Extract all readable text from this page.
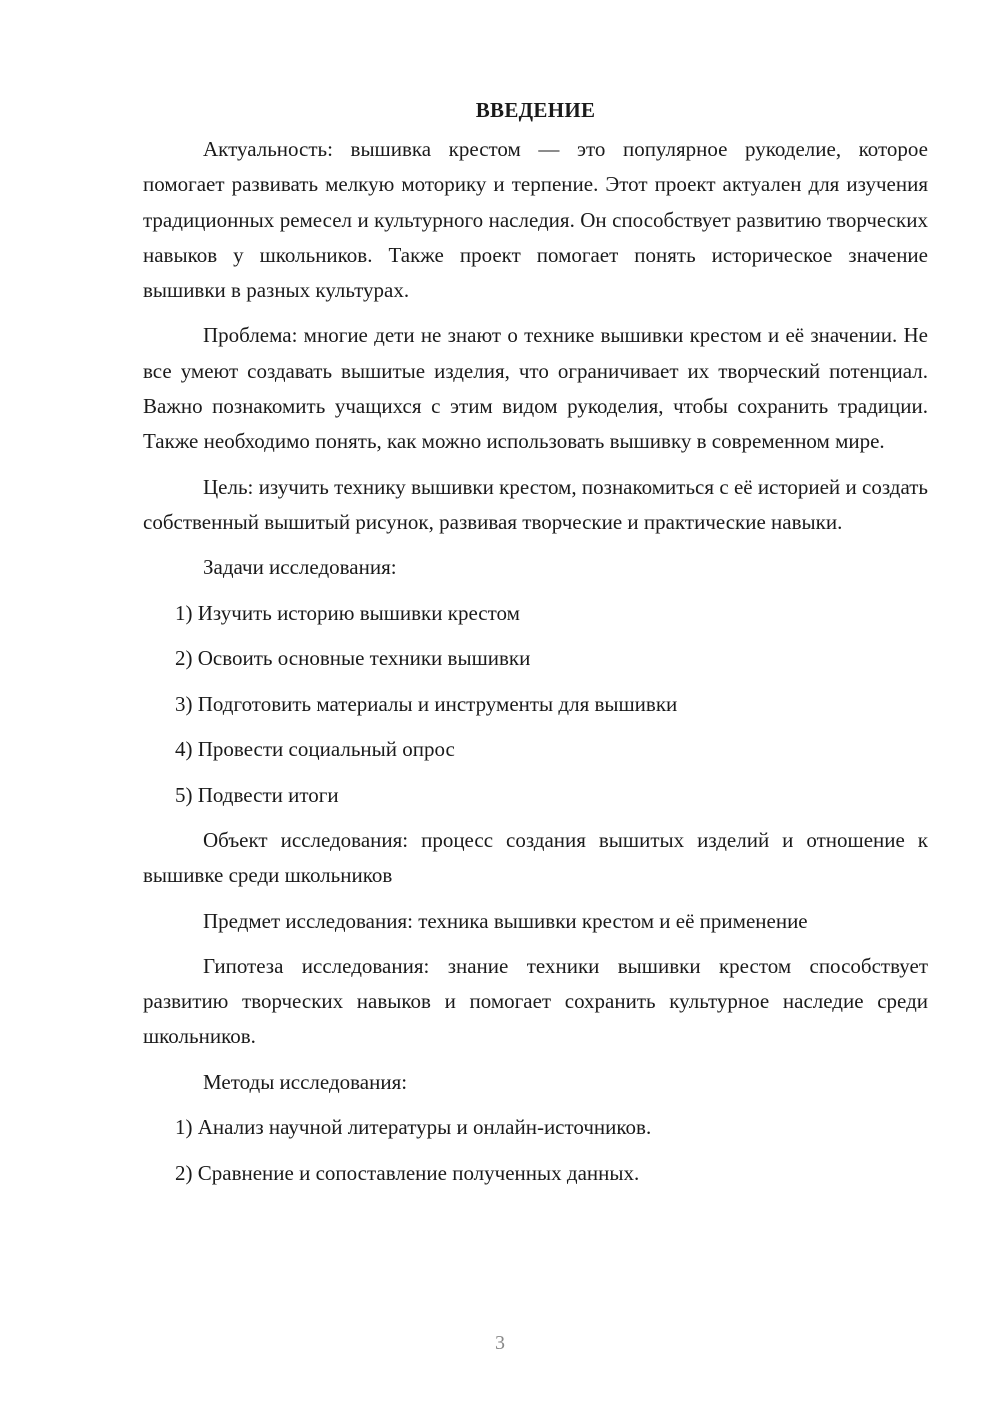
ВВЕДЕНИЕ

Актуальность: вышивка крестом — это популярное рукоделие, которое помогает развивать мелкую моторику и терпение. Этот проект актуален для изучения традиционных ремесел и культурного наследия. Он способствует развитию творческих навыков у школьников. Также проект помогает понять историческое значение вышивки в разных культурах.

Проблема: многие дети не знают о технике вышивки крестом и её значении. Не все умеют создавать вышитые изделия, что ограничивает их творческий потенциал. Важно познакомить учащихся с этим видом рукоделия, чтобы сохранить традиции. Также необходимо понять, как можно использовать вышивку в современном мире.

Цель: изучить технику вышивки крестом, познакомиться с её историей и создать собственный вышитый рисунок, развивая творческие и практические навыки.

Задачи исследования:

1) Изучить историю вышивки крестом
2) Освоить основные техники вышивки
3) Подготовить материалы и инструменты для вышивки
4) Провести социальный опрос
5) Подвести итоги

Объект исследования: процесс создания вышитых изделий и отношение к вышивке среди школьников

Предмет исследования: техника вышивки крестом и её применение

Гипотеза исследования: знание техники вышивки крестом способствует развитию творческих навыков и помогает сохранить культурное наследие среди школьников.

Методы исследования:

1) Анализ научной литературы и онлайн-источников.
2) Сравнение и сопоставление полученных данных.
3
